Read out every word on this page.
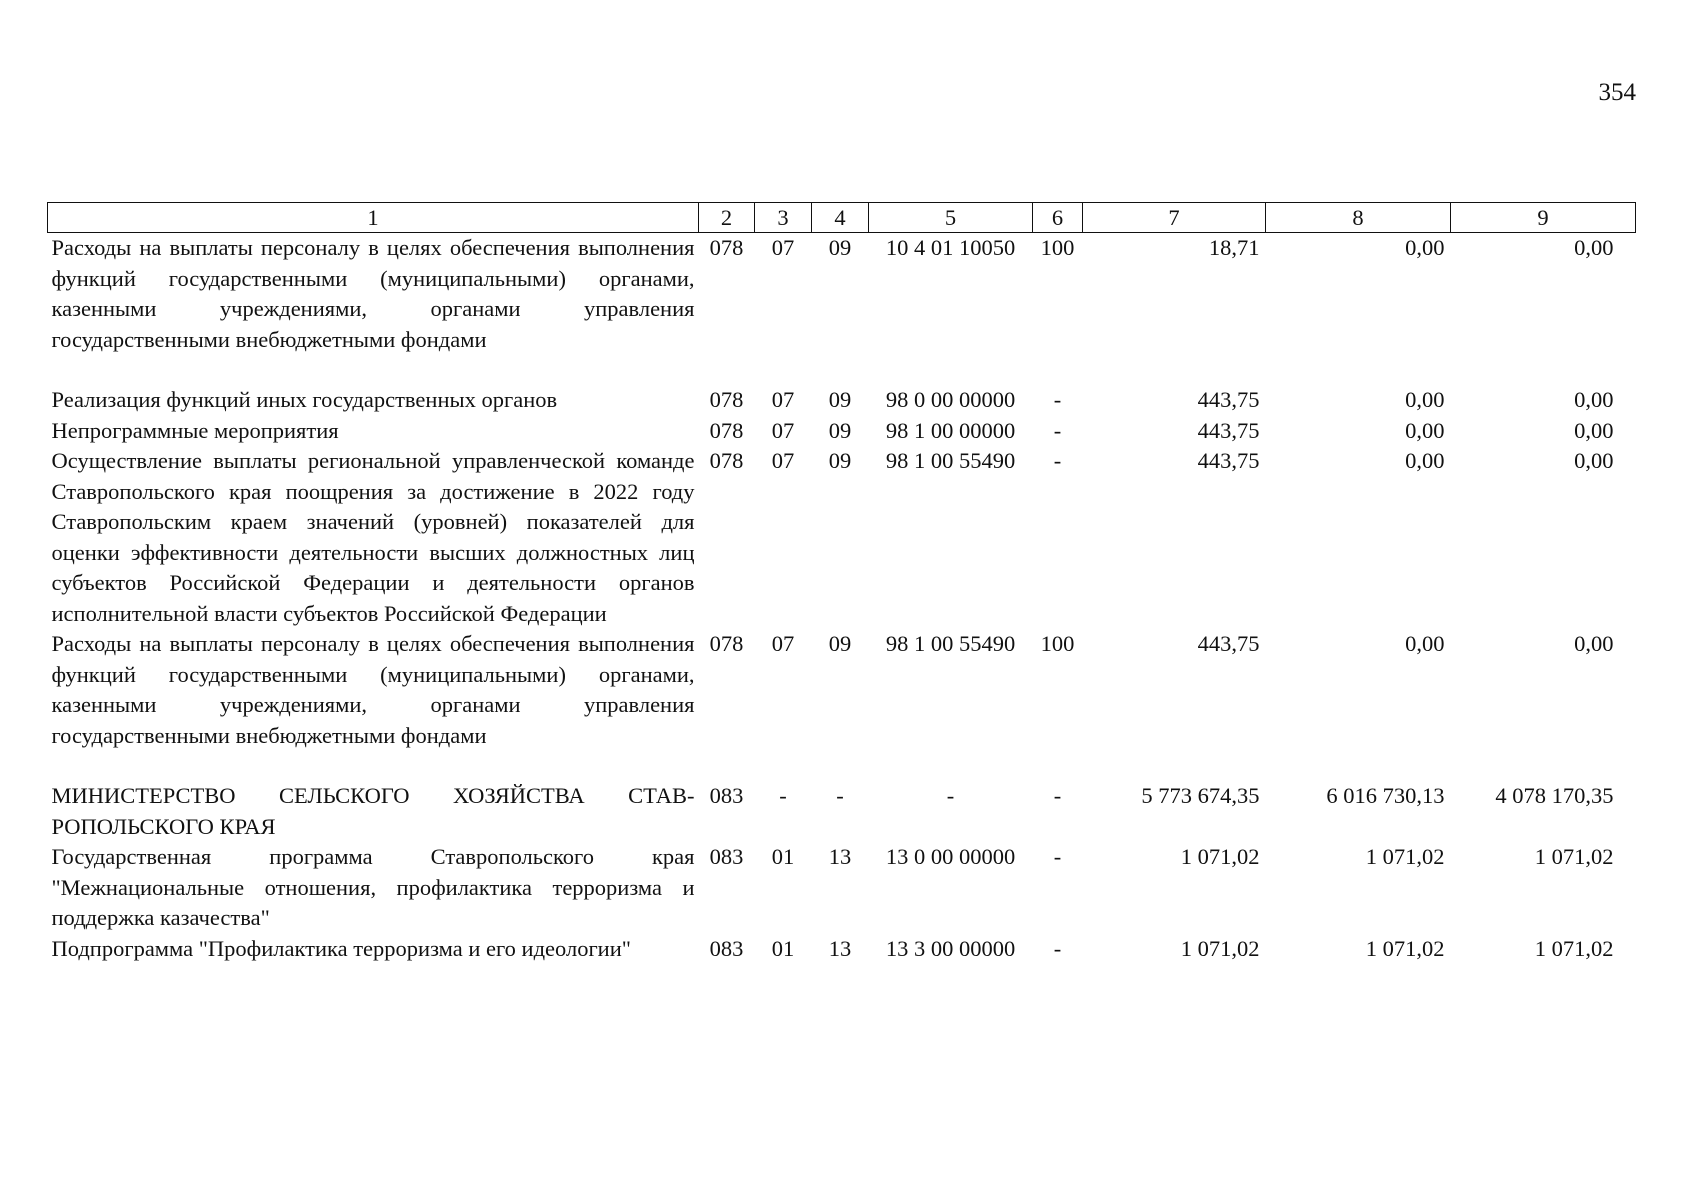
354
1	2	3	4	5	6	7	8	9
Расходы на выплаты персоналу в целях обеспечения выполнения функций государственными (муниципальными) органами, казенными учреждениями, органами управления государственными внебюджетными фондами	078	07	09	10 4 01 10050	100	18,71	0,00	0,00
Реализация функций иных государственных органов	078	07	09	98 0 00 00000	-	443,75	0,00	0,00
Непрограммные мероприятия	078	07	09	98 1 00 00000	-	443,75	0,00	0,00
Осуществление выплаты региональной управленческой команде Ставропольского края поощрения за достижение в 2022 году Ставропольским краем значений (уровней) показателей для оценки эффективности деятельности высших должностных лиц субъектов Российской Федерации и деятельности органов исполнительной власти субъектов Российской Федерации	078	07	09	98 1 00 55490	-	443,75	0,00	0,00
Расходы на выплаты персоналу в целях обеспечения выполнения функций государственными (муниципальными) органами, казенными учреждениями, органами управления государственными внебюджетными фондами	078	07	09	98 1 00 55490	100	443,75	0,00	0,00
МИНИСТЕРСТВО СЕЛЬСКОГО ХОЗЯЙСТВА СТАВ-РОПОЛЬСКОГО КРАЯ	083	-	-	-	-	5 773 674,35	6 016 730,13	4 078 170,35
Государственная программа Ставропольского края "Межнациональные отношения, профилактика терроризма и поддержка казачества"	083	01	13	13 0 00 00000	-	1 071,02	1 071,02	1 071,02
Подпрограмма "Профилактика терроризма и его идеологии"	083	01	13	13 3 00 00000	-	1 071,02	1 071,02	1 071,02
